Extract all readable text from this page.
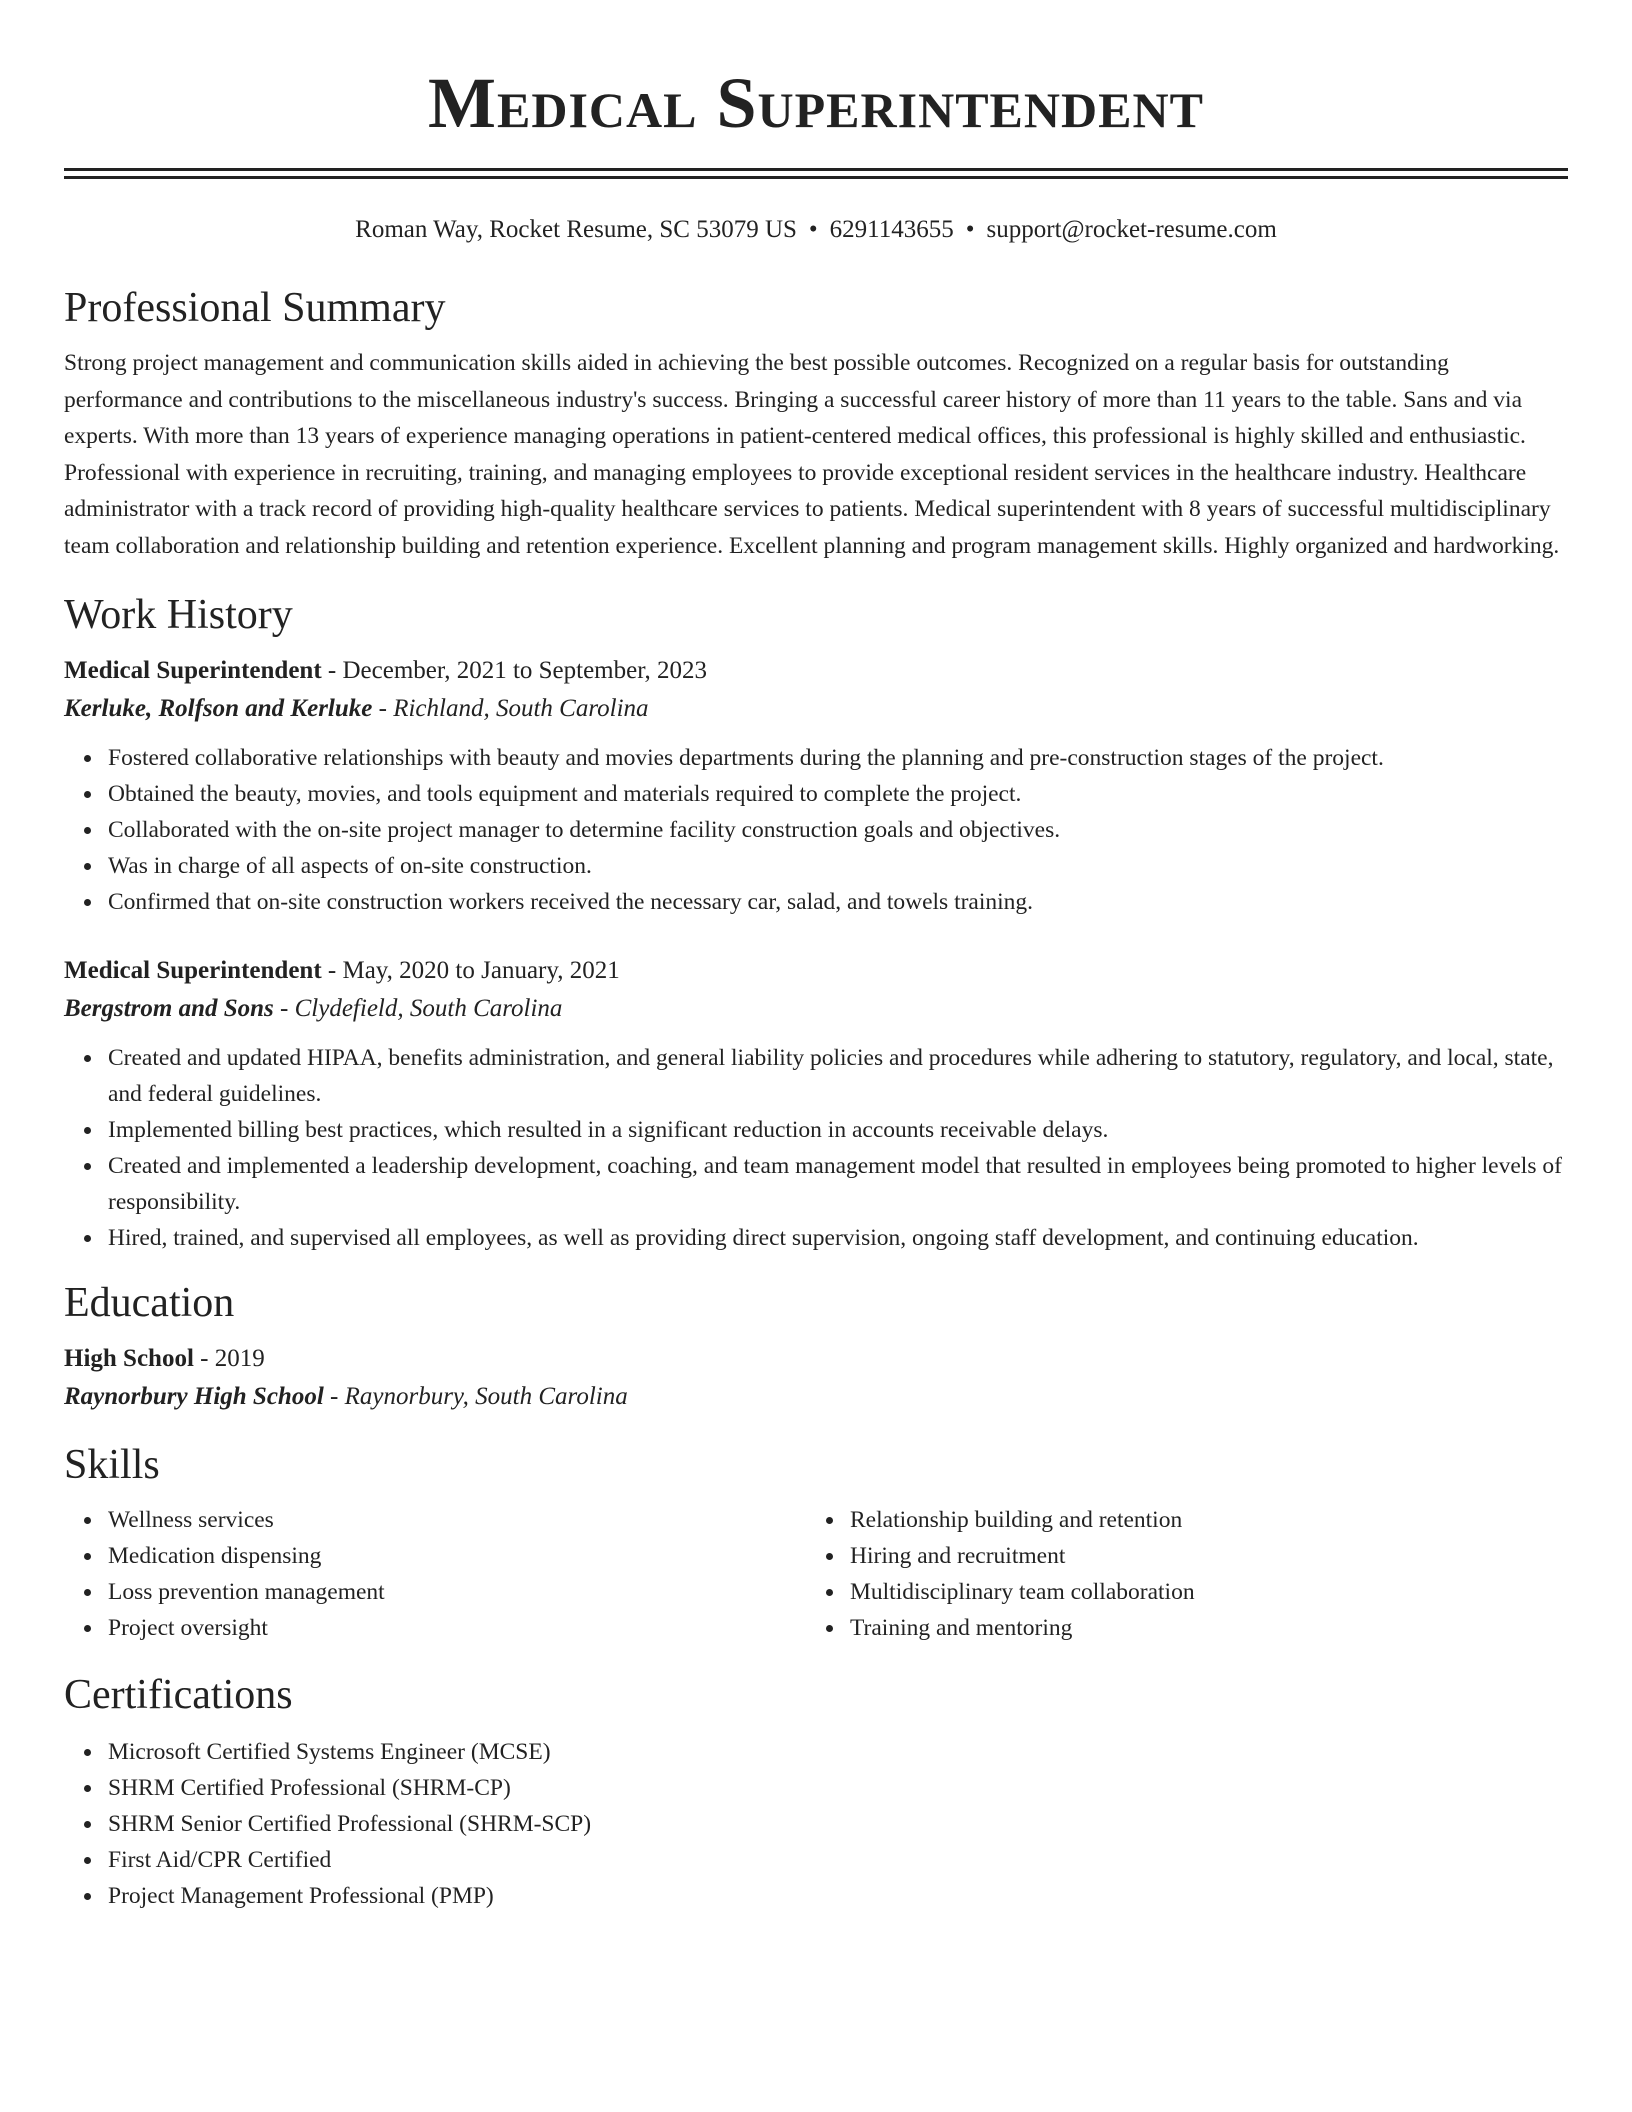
Medical Superintendent
Roman Way, Rocket Resume, SC 53079 US • 6291143655 • support@rocket-resume.com
Professional Summary

Strong project management and communication skills aided in achieving the best possible outcomes. Recognized on a regular basis for outstanding performance and contributions to the miscellaneous industry's success. Bringing a successful career history of more than 11 years to the table. Sans and via experts. With more than 13 years of experience managing operations in patient-centered medical offices, this professional is highly skilled and enthusiastic. Professional with experience in recruiting, training, and managing employees to provide exceptional resident services in the healthcare industry. Healthcare administrator with a track record of providing high-quality healthcare services to patients. Medical superintendent with 8 years of successful multidisciplinary team collaboration and relationship building and retention experience. Excellent planning and program management skills. Highly organized and hardworking.

Work History
Medical Superintendent - December, 2021 to September, 2023
Kerluke, Rolfson and Kerluke - Richland, South Carolina
Fostered collaborative relationships with beauty and movies departments during the planning and pre-construction stages of the project.
Obtained the beauty, movies, and tools equipment and materials required to complete the project.
Collaborated with the on-site project manager to determine facility construction goals and objectives.
Was in charge of all aspects of on-site construction.
Confirmed that on-site construction workers received the necessary car, salad, and towels training.
Medical Superintendent - May, 2020 to January, 2021
Bergstrom and Sons - Clydefield, South Carolina
Created and updated HIPAA, benefits administration, and general liability policies and procedures while adhering to statutory, regulatory, and local, state, and federal guidelines.
Implemented billing best practices, which resulted in a significant reduction in accounts receivable delays.
Created and implemented a leadership development, coaching, and team management model that resulted in employees being promoted to higher levels of responsibility.
Hired, trained, and supervised all employees, as well as providing direct supervision, ongoing staff development, and continuing education.
Education
High School - 2019
Raynorbury High School - Raynorbury, South Carolina
Skills
Wellness services
Medication dispensing
Loss prevention management
Project oversight
Relationship building and retention
Hiring and recruitment
Multidisciplinary team collaboration
Training and mentoring
Certifications
Microsoft Certified Systems Engineer (MCSE)
SHRM Certified Professional (SHRM-CP)
SHRM Senior Certified Professional (SHRM-SCP)
First Aid/CPR Certified
Project Management Professional (PMP)
